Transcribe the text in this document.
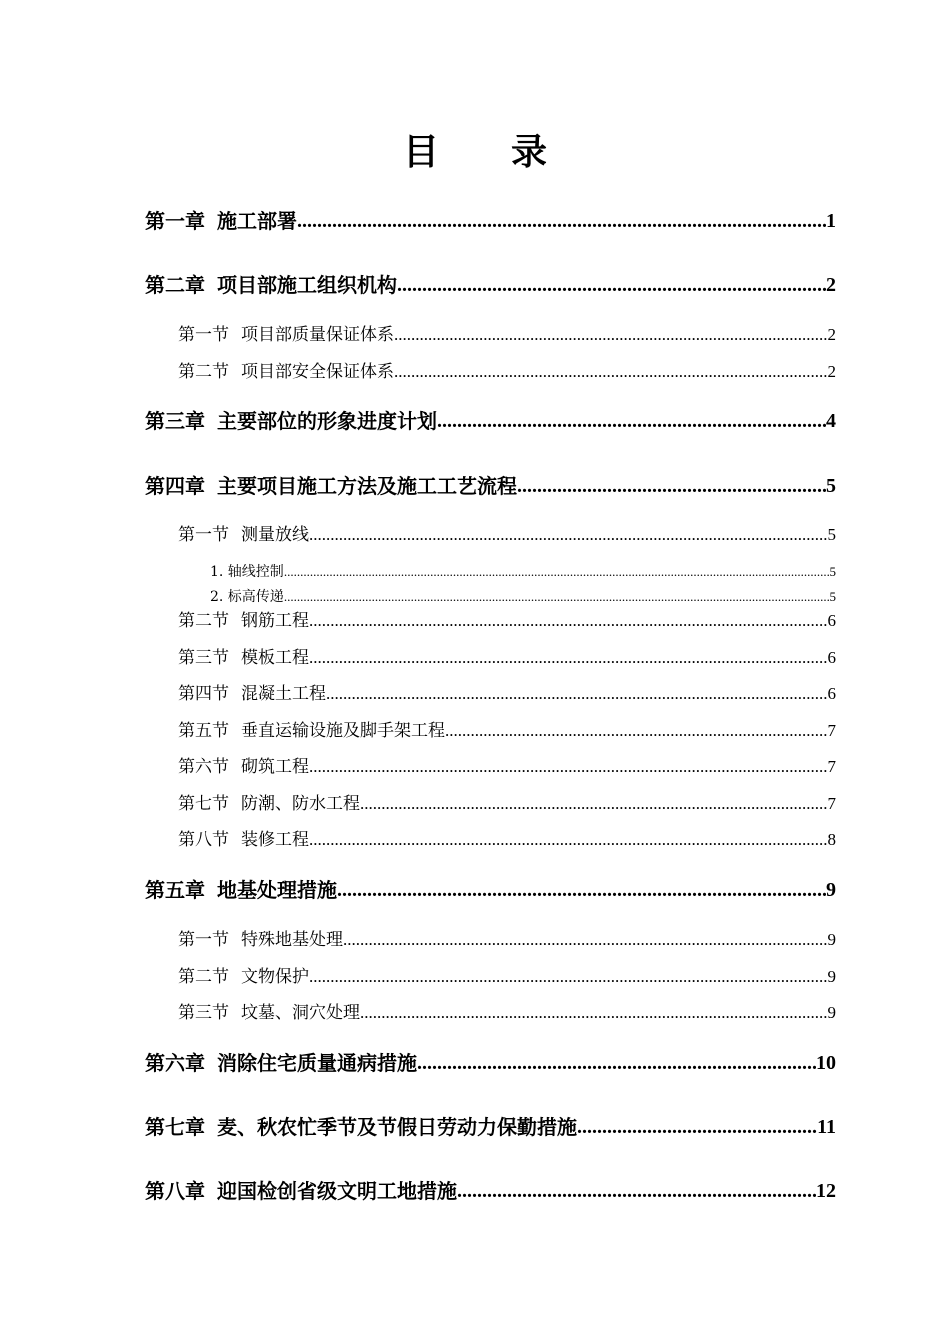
目 录
第一章 施工部署 .....	1
第二章 项目部施工组织机构 .....	2
第一节 项目部质量保证体系 .....	2
第二节 项目部安全保证体系 .....	2
第三章 主要部位的形象进度计划 .....	4
第四章 主要项目施工方法及施工工艺流程 .....	5
第一节 测量放线 .....	5
1. 轴线控制 .....	5
2. 标高传递 .....	5
第二节 钢筋工程 .....	6
第三节 模板工程 .....	6
第四节 混凝土工程 .....	6
第五节 垂直运输设施及脚手架工程 .....	7
第六节 砌筑工程 .....	7
第七节 防潮、防水工程 .....	7
第八节 装修工程 .....	8
第五章 地基处理措施 .....	9
第一节 特殊地基处理 .....	9
第二节 文物保护 .....	9
第三节 坟墓、洞穴处理 .....	9
第六章 消除住宅质量通病措施 .....	10
第七章 麦、秋农忙季节及节假日劳动力保勤措施 .....	11
第八章 迎国检创省级文明工地措施 .....	12
